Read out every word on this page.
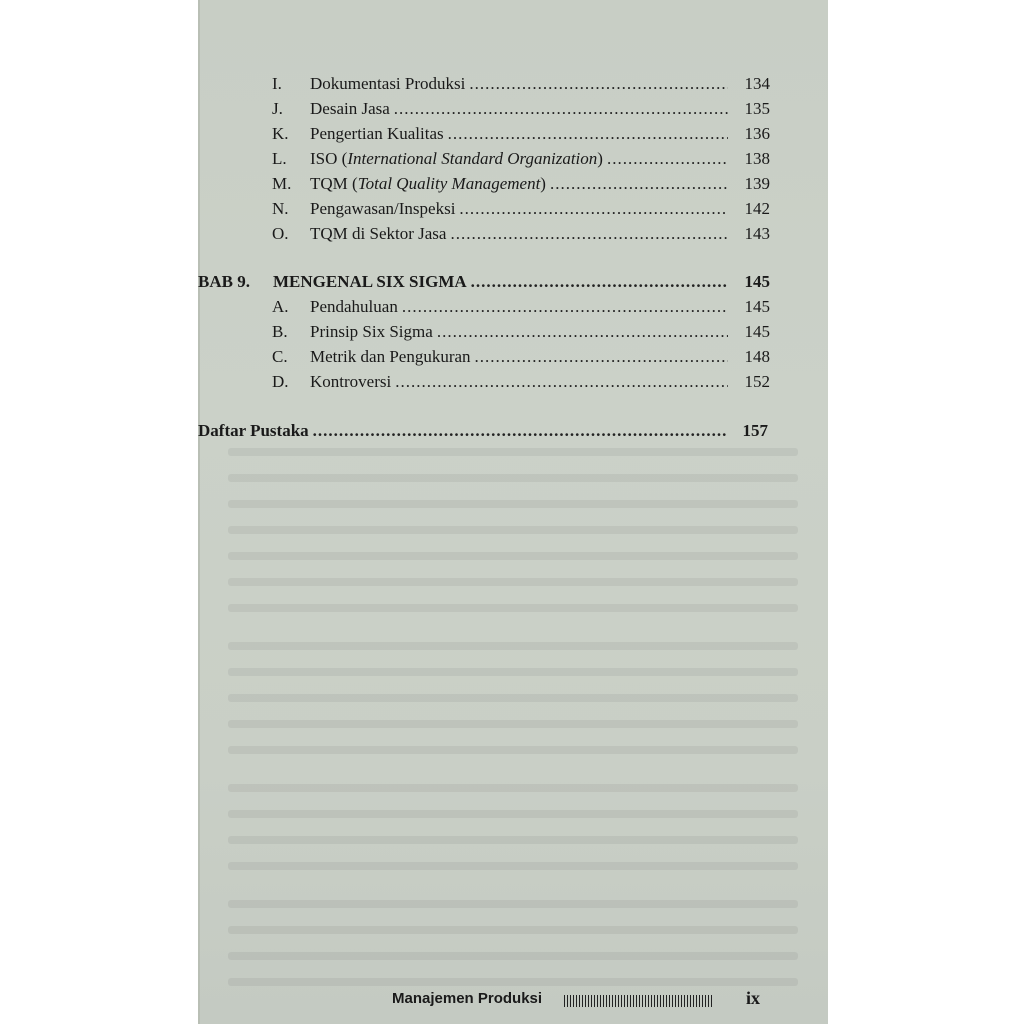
I.	Dokumentasi Produksi .....	134
J.	Desain Jasa .....	135
K.	Pengertian Kualitas .....	136
L.	ISO (International Standard Organization) .....	138
M.	TQM (Total Quality Management) .....	139
N.	Pengawasan/Inspeksi .....	142
O.	TQM di Sektor Jasa .....	143
BAB 9.	MENGENAL SIX SIGMA .....	145
A.	Pendahuluan .....	145
B.	Prinsip Six Sigma .....	145
C.	Metrik dan Pengukuran .....	148
D.	Kontroversi .....	152
Daftar Pustaka .....	157
Manajemen Produksi	ix
